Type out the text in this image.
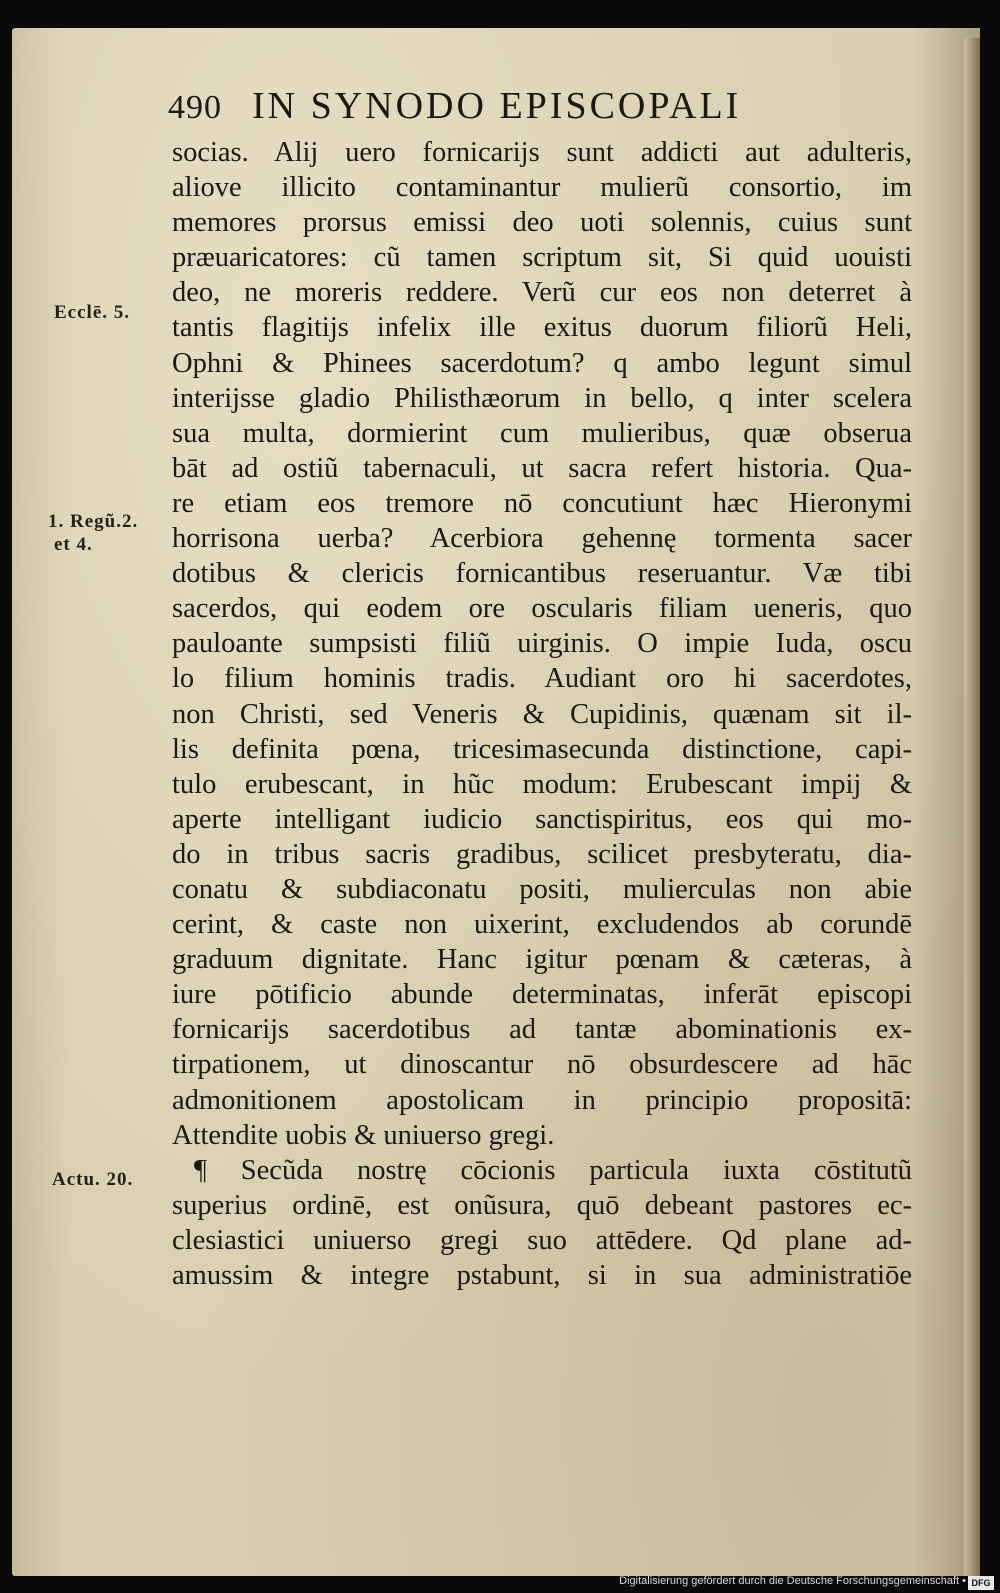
490 IN SYNODO EPISCOPALI
Ecclē. 5.
1. Regũ.2.
et 4.
Actu. 20.
socias. Alij uero fornicarijs sunt addicti aut adulteris,
aliove illicito contaminantur mulierũ consortio, im
memores prorsus emissi deo uoti solennis, cuius sunt
præuaricatores: cũ tamen scriptum sit, Si quid uouisti
deo, ne moreris reddere. Verũ cur eos non deterret à
tantis flagitijs infelix ille exitus duorum filiorũ Heli,
Ophni & Phinees sacerdotum? q ambo legunt simul
interijsse gladio Philisthæorum in bello, q inter scelera
sua multa, dormierint cum mulieribus, quæ obserua
bāt ad ostiũ tabernaculi, ut sacra refert historia. Qua-
re etiam eos tremore nō concutiunt hæc Hieronymi
horrisona uerba? Acerbiora gehennę tormenta sacer
dotibus & clericis fornicantibus reseruantur. Væ tibi
sacerdos, qui eodem ore oscularis filiam ueneris, quo
pauloante sumpsisti filiũ uirginis. O impie Iuda, oscu
lo filium hominis tradis. Audiant oro hi sacerdotes,
non Christi, sed Veneris & Cupidinis, quænam sit il-
lis definita pœna, tricesimasecunda distinctione, capi-
tulo erubescant, in hũc modum: Erubescant impij &
aperte intelligant iudicio sanctispiritus, eos qui mo-
do in tribus sacris gradibus, scilicet presbyteratu, dia-
conatu & subdiaconatu positi, mulierculas non abie
cerint, & caste non uixerint, excludendos ab corundē
graduum dignitate. Hanc igitur pœnam & cæteras, à
iure pōtificio abunde determinatas, inferāt episcopi
fornicarijs sacerdotibus ad tantæ abominationis ex-
tirpationem, ut dinoscantur nō obsurdescere ad hāc
admonitionem apostolicam in principio propositā:
Attendite uobis & uniuerso gregi.
¶ Secũda nostrę cōcionis particula iuxta cōstitutũ
superius ordinē, est onũsura, quō debeant pastores ec-
clesiastici uniuerso gregi suo attēdere. Qd plane ad-
amussim & integre pstabunt, si in sua administratiōe
Digitalisierung gefördert durch die Deutsche Forschungsgemeinschaft • DFG
